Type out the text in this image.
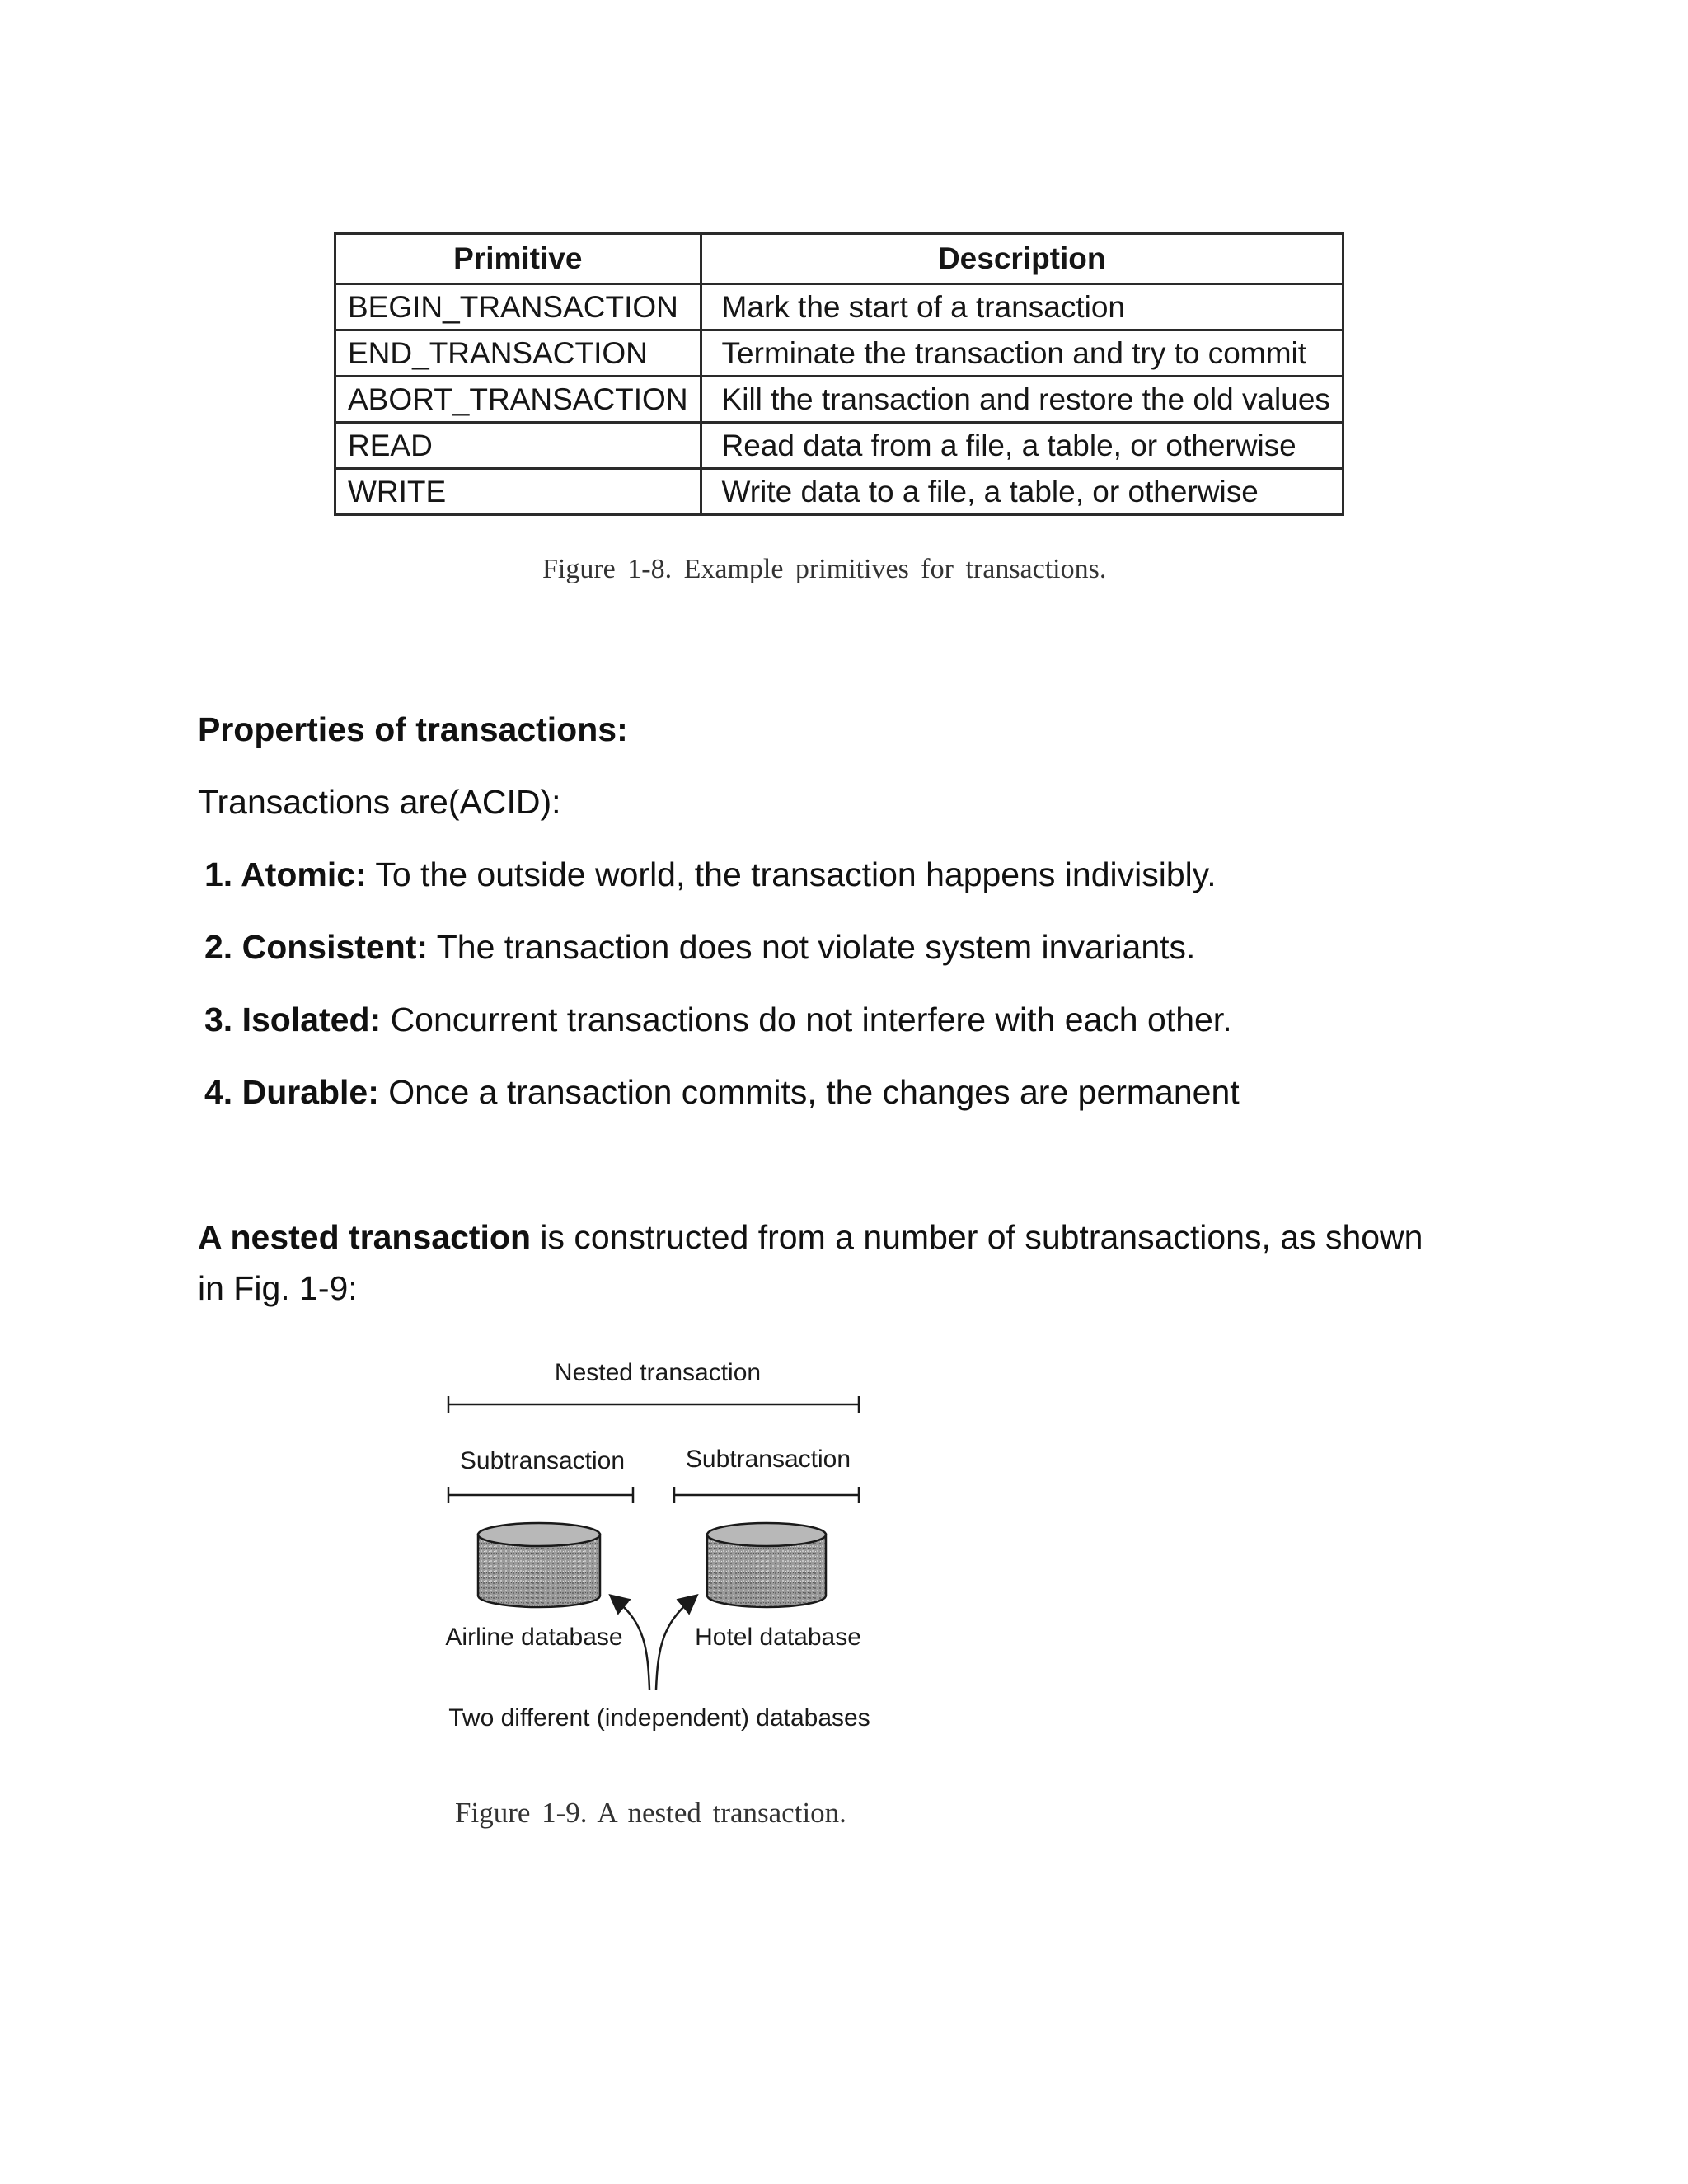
Primitive	Description
BEGIN_TRANSACTION	Mark the start of a transaction
END_TRANSACTION	Terminate the transaction and try to commit
ABORT_TRANSACTION	Kill the transaction and restore the old values
READ	Read data from a file, a table, or otherwise
WRITE	Write data to a file, a table, or otherwise
Figure 1-8. Example primitives for transactions.
Properties of transactions:
Transactions are(ACID):
1. Atomic: To the outside world, the transaction happens indivisibly.
2. Consistent: The transaction does not violate system invariants.
3. Isolated: Concurrent transactions do not interfere with each other.
4. Durable: Once a transaction commits, the changes are permanent
A nested transaction is constructed from a number of subtransactions, as shown
in Fig. 1-9:
Nested transaction
Subtransaction Subtransaction
Airline database	Hotel database
Two different (independent) databases
Figure 1-9. A nested transaction.
